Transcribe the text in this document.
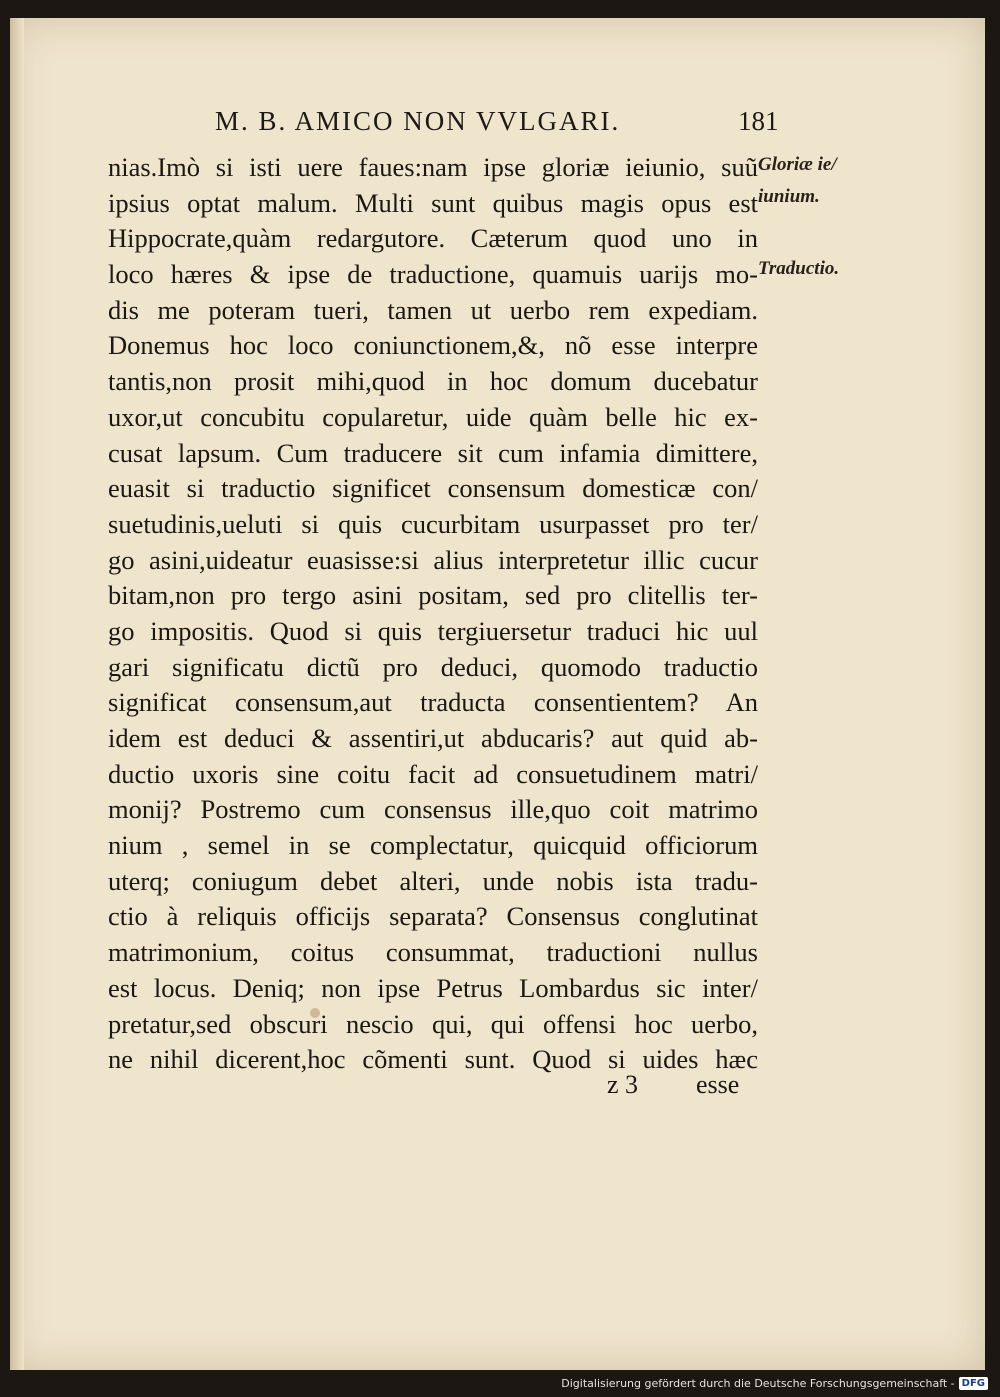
M. B. AMICO NON VVLGARI.	181
nias.Imò si isti uere faues:nam ipse gloriæ ieiunio, suũ
ipsius optat malum. Multi sunt quibus magis opus est
Hippocrate,quàm redargutore. Cæterum quod uno in
loco hæres & ipse de traductione, quamuis uarijs mo-
dis me poteram tueri, tamen ut uerbo rem expediam.
Donemus hoc loco coniunctionem,&, nõ esse interpre
tantis,non prosit mihi,quod in hoc domum ducebatur
uxor,ut concubitu copularetur, uide quàm belle hic ex-
cusat lapsum. Cum traducere sit cum infamia dimittere,
euasit si traductio significet consensum domesticæ con/
suetudinis,ueluti si quis cucurbitam usurpasset pro ter/
go asini,uideatur euasisse:si alius interpretetur illic cucur
bitam,non pro tergo asini positam, sed pro clitellis ter-
go impositis. Quod si quis tergiuersetur traduci hic uul
gari significatu dictũ pro deduci, quomodo traductio
significat consensum,aut traducta consentientem? An
idem est deduci & assentiri,ut abducaris? aut quid ab-
ductio uxoris sine coitu facit ad consuetudinem matri/
monij? Postremo cum consensus ille,quo coit matrimo
nium , semel in se complectatur, quicquid officiorum
uterq; coniugum debet alteri, unde nobis ista tradu-
ctio à reliquis officijs separata? Consensus conglutinat
matrimonium, coitus consummat, traductioni nullus
est locus. Deniq; non ipse Petrus Lombardus sic inter/
pretatur,sed obscuri nescio qui, qui offensi hoc uerbo,
ne nihil dicerent,hoc cõmenti sunt. Quod si uides hæc
Gloriæ ie/
iunium.
Traductio.
z 3 esse
Digitalisierung gefördert durch die Deutsche Forschungsgemeinschaft - DFG
